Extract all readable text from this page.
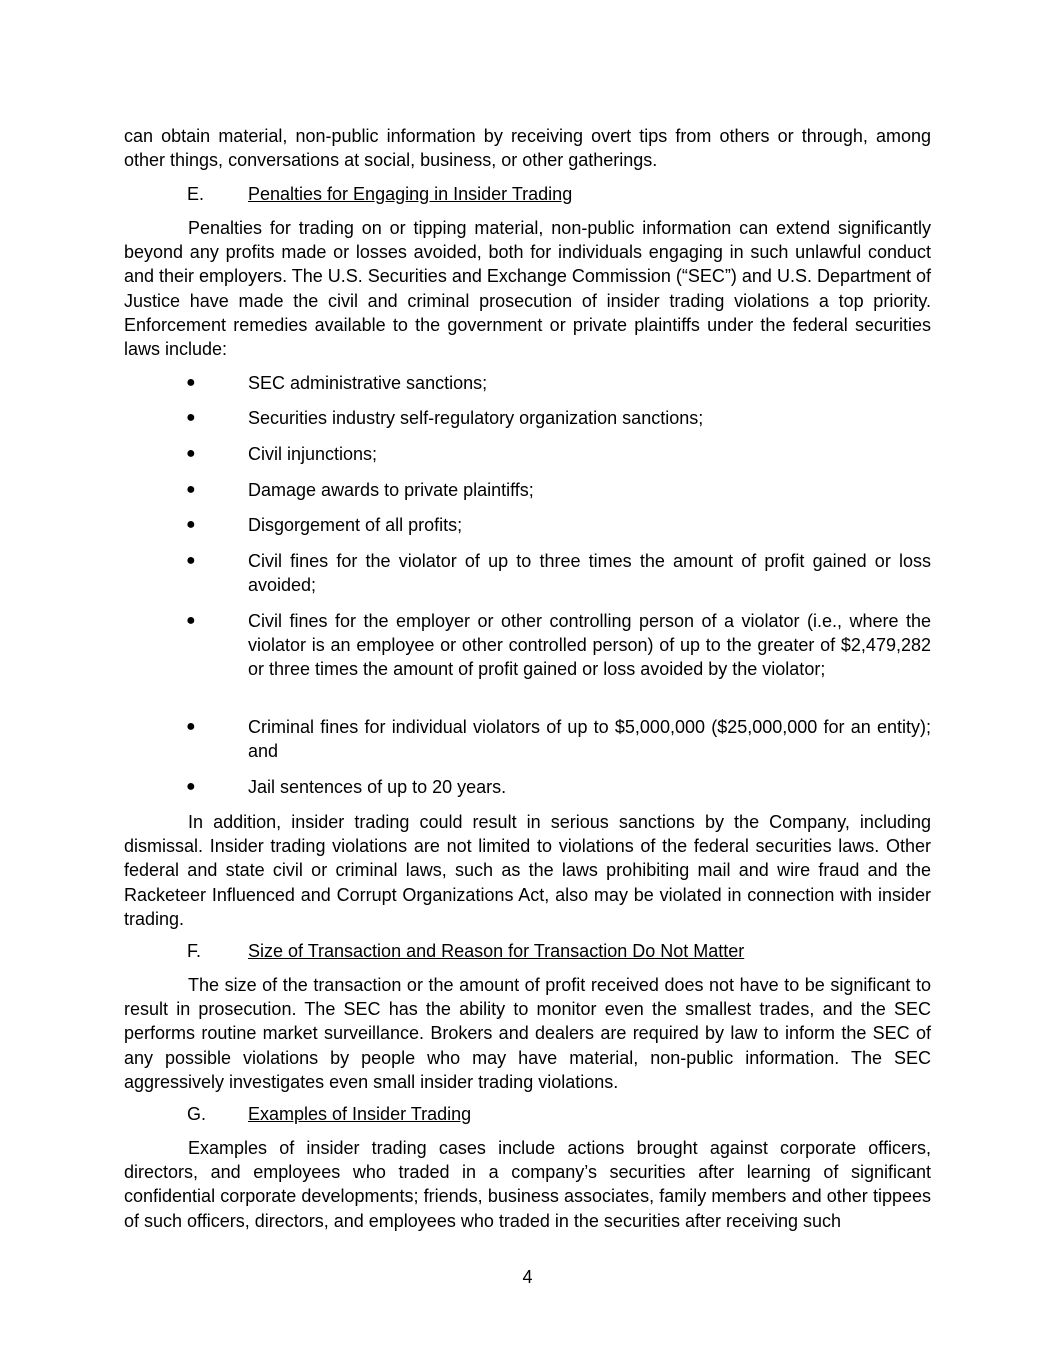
can obtain material, non-public information by receiving overt tips from others or through, among other things, conversations at social, business, or other gatherings.

E. Penalties for Engaging in Insider Trading

Penalties for trading on or tipping material, non-public information can extend significantly beyond any profits made or losses avoided, both for individuals engaging in such unlawful conduct and their employers. The U.S. Securities and Exchange Commission (“SEC”) and U.S. Department of Justice have made the civil and criminal prosecution of insider trading violations a top priority. Enforcement remedies available to the government or private plaintiffs under the federal securities laws include:

●	SEC administrative sanctions;
●	Securities industry self-regulatory organization sanctions;
●	Civil injunctions;
●	Damage awards to private plaintiffs;
●	Disgorgement of all profits;
●	Civil fines for the violator of up to three times the amount of profit gained or loss avoided;
●	Civil fines for the employer or other controlling person of a violator (i.e., where the violator is an employee or other controlled person) of up to the greater of $2,479,282 or three times the amount of profit gained or loss avoided by the violator;
●	Criminal fines for individual violators of up to $5,000,000 ($25,000,000 for an entity); and
●	Jail sentences of up to 20 years.

In addition, insider trading could result in serious sanctions by the Company, including dismissal. Insider trading violations are not limited to violations of the federal securities laws. Other federal and state civil or criminal laws, such as the laws prohibiting mail and wire fraud and the Racketeer Influenced and Corrupt Organizations Act, also may be violated in connection with insider trading.

F.	Size of Transaction and Reason for Transaction Do Not Matter

The size of the transaction or the amount of profit received does not have to be significant to result in prosecution. The SEC has the ability to monitor even the smallest trades, and the SEC performs routine market surveillance. Brokers and dealers are required by law to inform the SEC of any possible violations by people who may have material, non-public information. The SEC aggressively investigates even small insider trading violations.

G. Examples of Insider Trading

Examples of insider trading cases include actions brought against corporate officers, directors, and employees who traded in a company’s securities after learning of significant confidential corporate developments; friends, business associates, family members and other tippees of such officers, directors, and employees who traded in the securities after receiving such

4
